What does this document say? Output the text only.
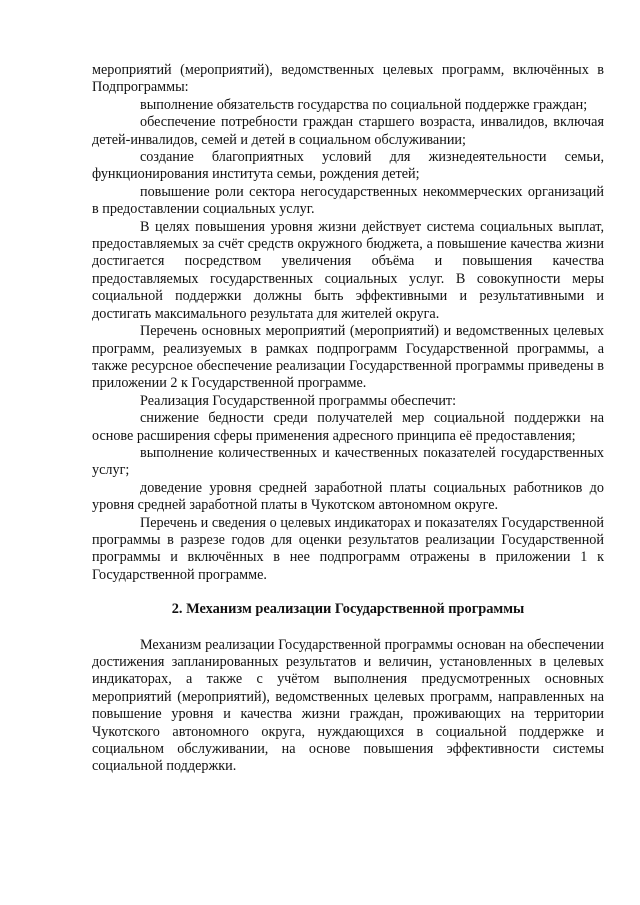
мероприятий (мероприятий), ведомственных целевых программ, включённых в Подпрограммы:

выполнение обязательств государства по социальной поддержке граждан;

обеспечение потребности граждан старшего возраста, инвалидов, включая детей-инвалидов, семей и детей в социальном обслуживании;

создание благоприятных условий для жизнедеятельности семьи, функционирования института семьи, рождения детей;

повышение роли сектора негосударственных некоммерческих организаций в предоставлении социальных услуг.

В целях повышения уровня жизни действует система социальных выплат, предоставляемых за счёт средств окружного бюджета, а повышение качества жизни достигается посредством увеличения объёма и повышения качества предоставляемых государственных социальных услуг. В совокупности меры социальной поддержки должны быть эффективными и результативными и достигать максимального результата для жителей округа.

Перечень основных мероприятий (мероприятий) и ведомственных целевых программ, реализуемых в рамках подпрограмм Государственной программы, а также ресурсное обеспечение реализации Государственной программы приведены в приложении 2 к Государственной программе.

Реализация Государственной программы обеспечит:

снижение бедности среди получателей мер социальной поддержки на основе расширения сферы применения адресного принципа её предоставления;

выполнение количественных и качественных показателей государственных услуг;

доведение уровня средней заработной платы социальных работников до уровня средней заработной платы в Чукотском автономном округе.

Перечень и сведения о целевых индикаторах и показателях Государственной программы в разрезе годов для оценки результатов реализации Государственной программы и включённых в нее подпрограмм отражены в приложении 1 к Государственной программе.

2. Механизм реализации Государственной программы

Механизм реализации Государственной программы основан на обеспечении достижения запланированных результатов и величин, установленных в целевых индикаторах, а также с учётом выполнения предусмотренных основных мероприятий (мероприятий), ведомственных целевых программ, направленных на повышение уровня и качества жизни граждан, проживающих на территории Чукотского автономного округа, нуждающихся в социальной поддержке и социальном обслуживании, на основе повышения эффективности системы социальной поддержки.
